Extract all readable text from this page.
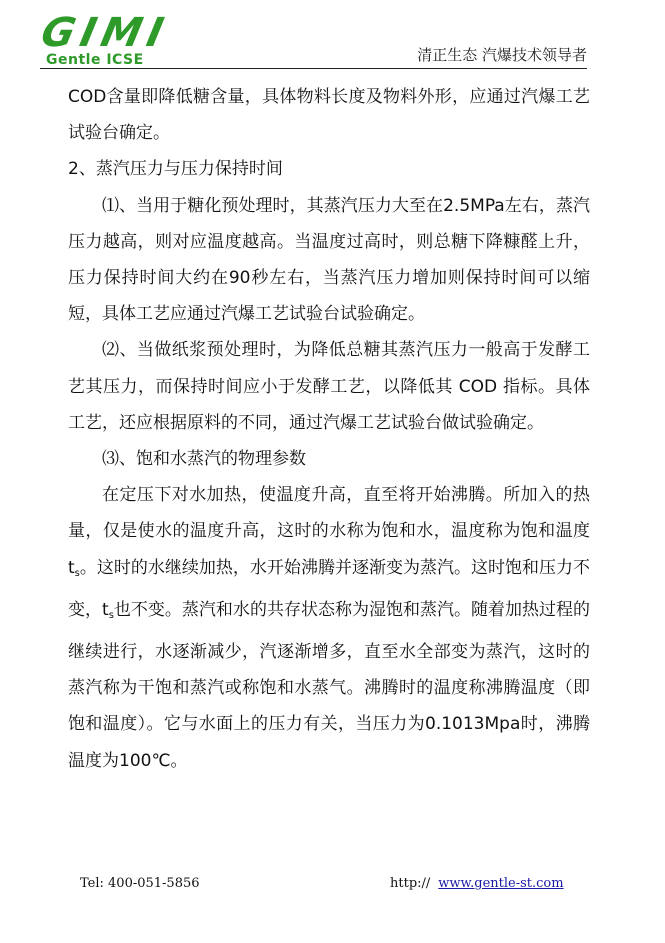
GIMI
Gentle ICSE	清正生态 汽爆技术领导者

COD含量即降低糖含量，具体物料长度及物料外形，应通过汽爆工艺试验台确定。

2、蒸汽压力与压力保持时间

⑴、当用于糖化预处理时，其蒸汽压力大至在2.5MPa左右，蒸汽压力越高，则对应温度越高。当温度过高时，则总糖下降糠醛上升，压力保持时间大约在90秒左右，当蒸汽压力增加则保持时间可以缩短，具体工艺应通过汽爆工艺试验台试验确定。

⑵、当做纸浆预处理时，为降低总糖其蒸汽压力一般高于发酵工艺其压力，而保持时间应小于发酵工艺，以降低其 COD 指标。具体工艺，还应根据原料的不同，通过汽爆工艺试验台做试验确定。

⑶、饱和水蒸汽的物理参数

在定压下对水加热，使温度升高，直至将开始沸腾。所加入的热量，仅是使水的温度升高，这时的水称为饱和水，温度称为饱和温度 $t_s$。这时的水继续加热，水开始沸腾并逐渐变为蒸汽。这时饱和压力不变，$t_s$也不变。蒸汽和水的共存状态称为湿饱和蒸汽。随着加热过程的继续进行，水逐渐减少，汽逐渐增多，直至水全部变为蒸汽，这时的蒸汽称为干饱和蒸汽或称饱和水蒸气。沸腾时的温度称沸腾温度（即饱和温度）。它与水面上的压力有关，当压力为0.1013Mpa时，沸腾温度为100℃。

Tel: 400-051-5856	http:// www.gentle-st.com
